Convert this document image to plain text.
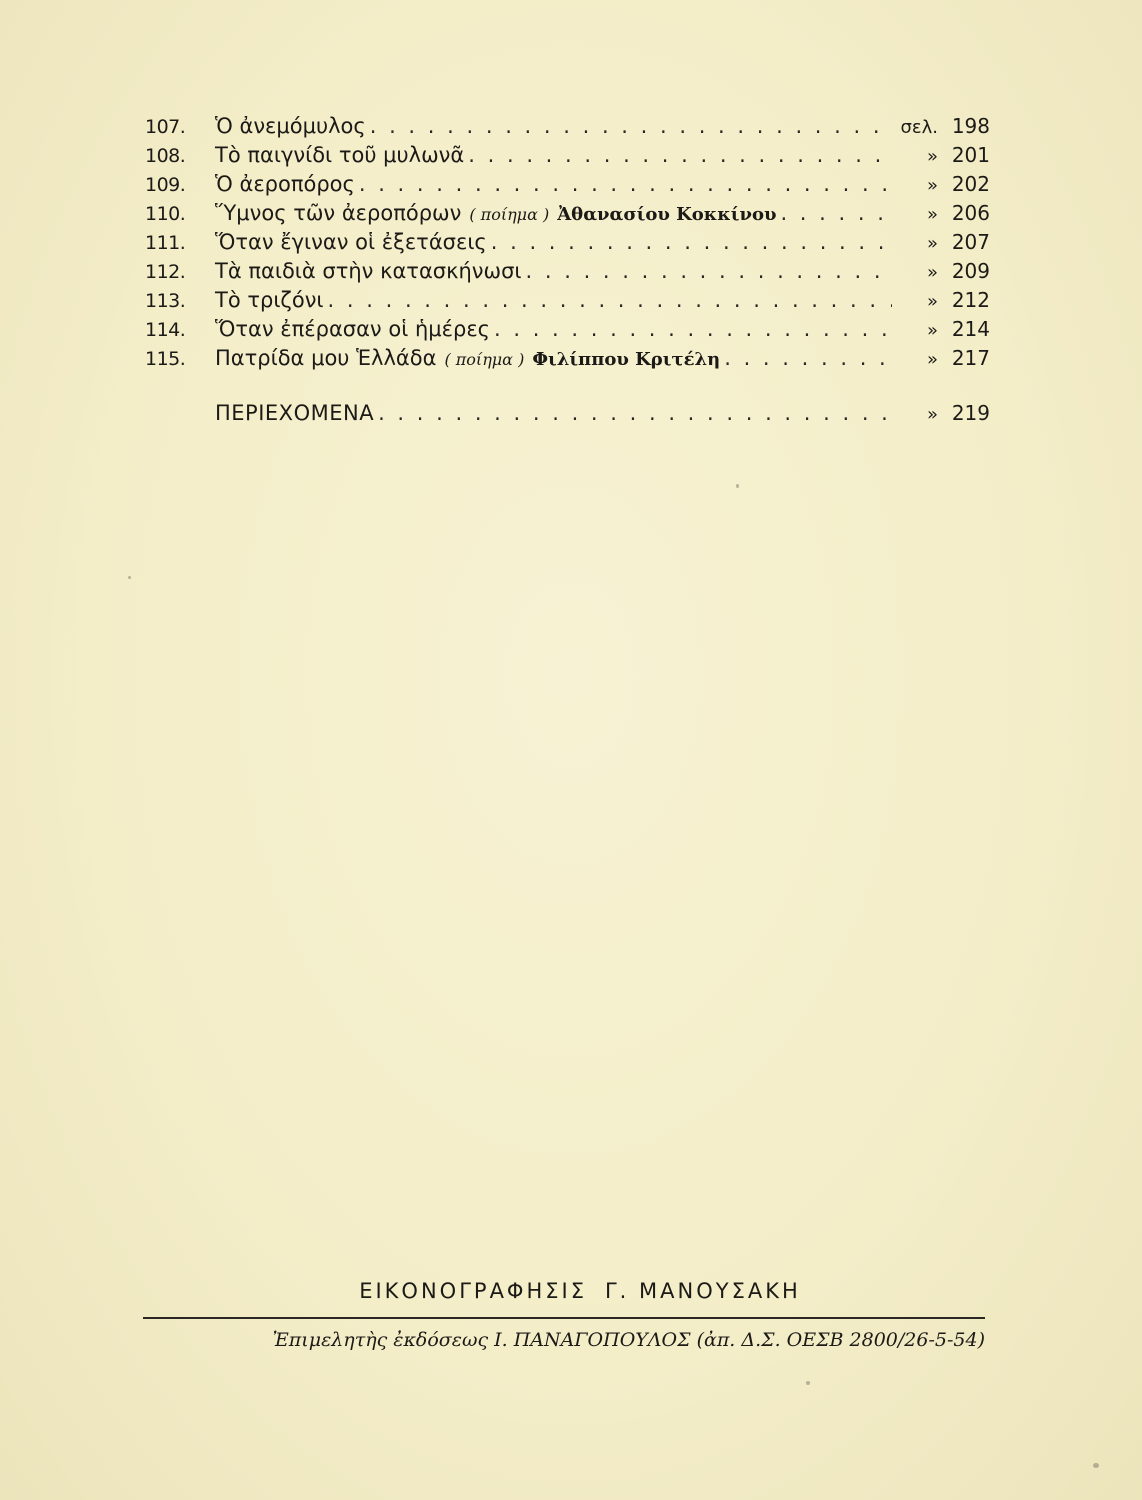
107.	Ὁ ἀνεμόμυλος . . .	σελ. 198
108.	Τὸ παιγνίδι τοῦ μυλωνᾶ . . .	» 201
109.	Ὁ ἀεροπόρος . . .	» 202
110.	Ὕμνος τῶν ἀεροπόρων ( ποίημα ) Ἀθανασίου Κοκκίνου . . .	» 206
111.	Ὅταν ἔγιναν οἱ ἐξετάσεις . . .	» 207
112.	Τὰ παιδιὰ στὴν κατασκήνωσι . . .	» 209
113.	Τὸ τριζόνι . . .	» 212
114.	Ὅταν ἐπέρασαν οἱ ἡμέρες . . .	» 214
115.	Πατρίδα μου Ἑλλάδα ( ποίημα ) Φιλίππου Κριτέλη . . .	» 217
ΠΕΡΙΕΧΟΜΕΝΑ . . .	» 219
ΕΙΚΟΝΟΓΡΑΦΗΣΙΣ Γ. ΜΑΝΟΥΣΑΚΗ
Ἐπιμελητὴς ἐκδόσεως Ι. ΠΑΝΑΓΟΠΟΥΛΟΣ (ἀπ. Δ.Σ. ΟΕΣΒ 2800/26-5-54)
